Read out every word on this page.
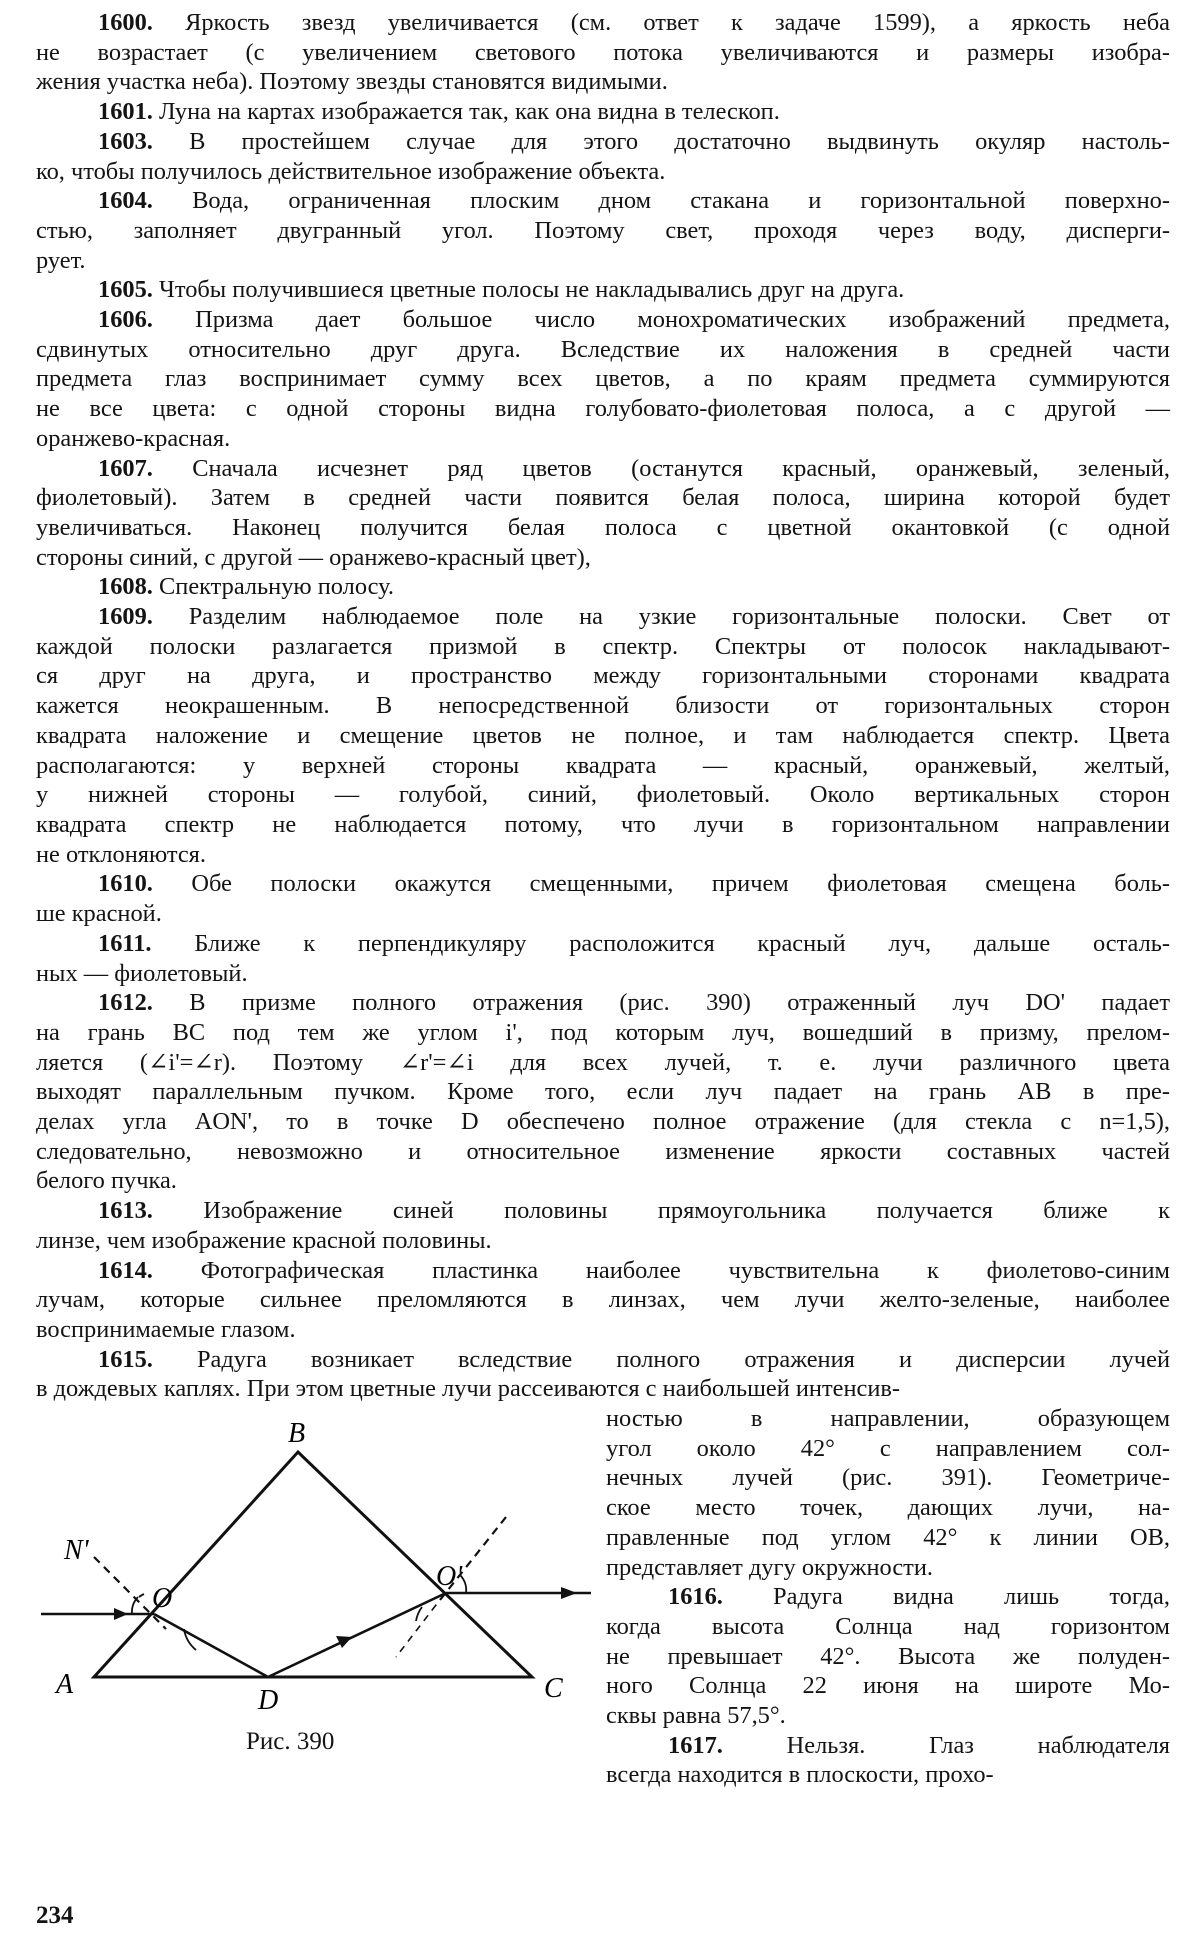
1600. Яркость звезд увеличивается (см. ответ к задаче 1599), а яркость неба
не возрастает (с увеличением светового потока увеличиваются и размеры изобра-
жения участка неба). Поэтому звезды становятся видимыми.

1601. Луна на картах изображается так, как она видна в телескоп.

1603. В простейшем случае для этого достаточно выдвинуть окуляр настоль-
ко, чтобы получилось действительное изображение объекта.

1604. Вода, ограниченная плоским дном стакана и горизонтальной поверхно-
стью, заполняет двугранный угол. Поэтому свет, проходя через воду, дисперги-
рует.

1605. Чтобы получившиеся цветные полосы не накладывались друг на друга.

1606. Призма дает большое число монохроматических изображений предмета,
сдвинутых относительно друг друга. Вследствие их наложения в средней части
предмета глаз воспринимает сумму всех цветов, а по краям предмета суммируются
не все цвета: с одной стороны видна голубовато-фиолетовая полоса, а с другой —
оранжево-красная.

1607. Сначала исчезнет ряд цветов (останутся красный, оранжевый, зеленый,
фиолетовый). Затем в средней части появится белая полоса, ширина которой будет
увеличиваться. Наконец получится белая полоса с цветной окантовкой (с одной
стороны синий, с другой — оранжево-красный цвет),

1608. Спектральную полосу.

1609. Разделим наблюдаемое поле на узкие горизонтальные полоски. Свет от
каждой полоски разлагается призмой в спектр. Спектры от полосок накладывают-
ся друг на друга, и пространство между горизонтальными сторонами квадрата
кажется неокрашенным. В непосредственной близости от горизонтальных сторон
квадрата наложение и смещение цветов не полное, и там наблюдается спектр. Цвета
располагаются: у верхней стороны квадрата — красный, оранжевый, желтый,
у нижней стороны — голубой, синий, фиолетовый. Около вертикальных сторон
квадрата спектр не наблюдается потому, что лучи в горизонтальном направлении
не отклоняются.

1610. Обе полоски окажутся смещенными, причем фиолетовая смещена боль-
ше красной.

1611. Ближе к перпендикуляру расположится красный луч, дальше осталь-
ных — фиолетовый.

1612. В призме полного отражения (рис. 390) отраженный луч DO' падает
на грань BC под тем же углом i', под которым луч, вошедший в призму, прелом-
ляется (∠i'=∠r). Поэтому ∠r'=∠i для всех лучей, т. е. лучи различного цвета
выходят параллельным пучком. Кроме того, если луч падает на грань AB в пре-
делах угла AON', то в точке D обеспечено полное отражение (для стекла с n=1,5),
следовательно, невозможно и относительное изменение яркости составных частей
белого пучка.

1613. Изображение синей половины прямоугольника получается ближе к
линзе, чем изображение красной половины.

1614. Фотографическая пластинка наиболее чувствительна к фиолетово-синим
лучам, которые сильнее преломляются в линзах, чем лучи желто-зеленые, наиболее
воспринимаемые глазом.

1615. Радуга возникает вследствие полного отражения и дисперсии лучей
в дождевых каплях. При этом цветные лучи рассеиваются с наибольшей интенсив-

B
N'
O
O'
A
D	C
Рис. 390

ностью в направлении, образующем
угол около 42° с направлением сол-
нечных лучей (рис. 391). Геометриче-
ское место точек, дающих лучи, на-
правленные под углом 42° к линии OB,
представляет дугу окружности.

1616. Радуга видна лишь тогда,
когда высота Солнца над горизонтом
не превышает 42°. Высота же полуден-
ного Солнца 22 июня на широте Мо-
сквы равна 57,5°.

1617.	Нельзя. Глаз наблюдателя
всегда находится в плоскости, прохо-

234
